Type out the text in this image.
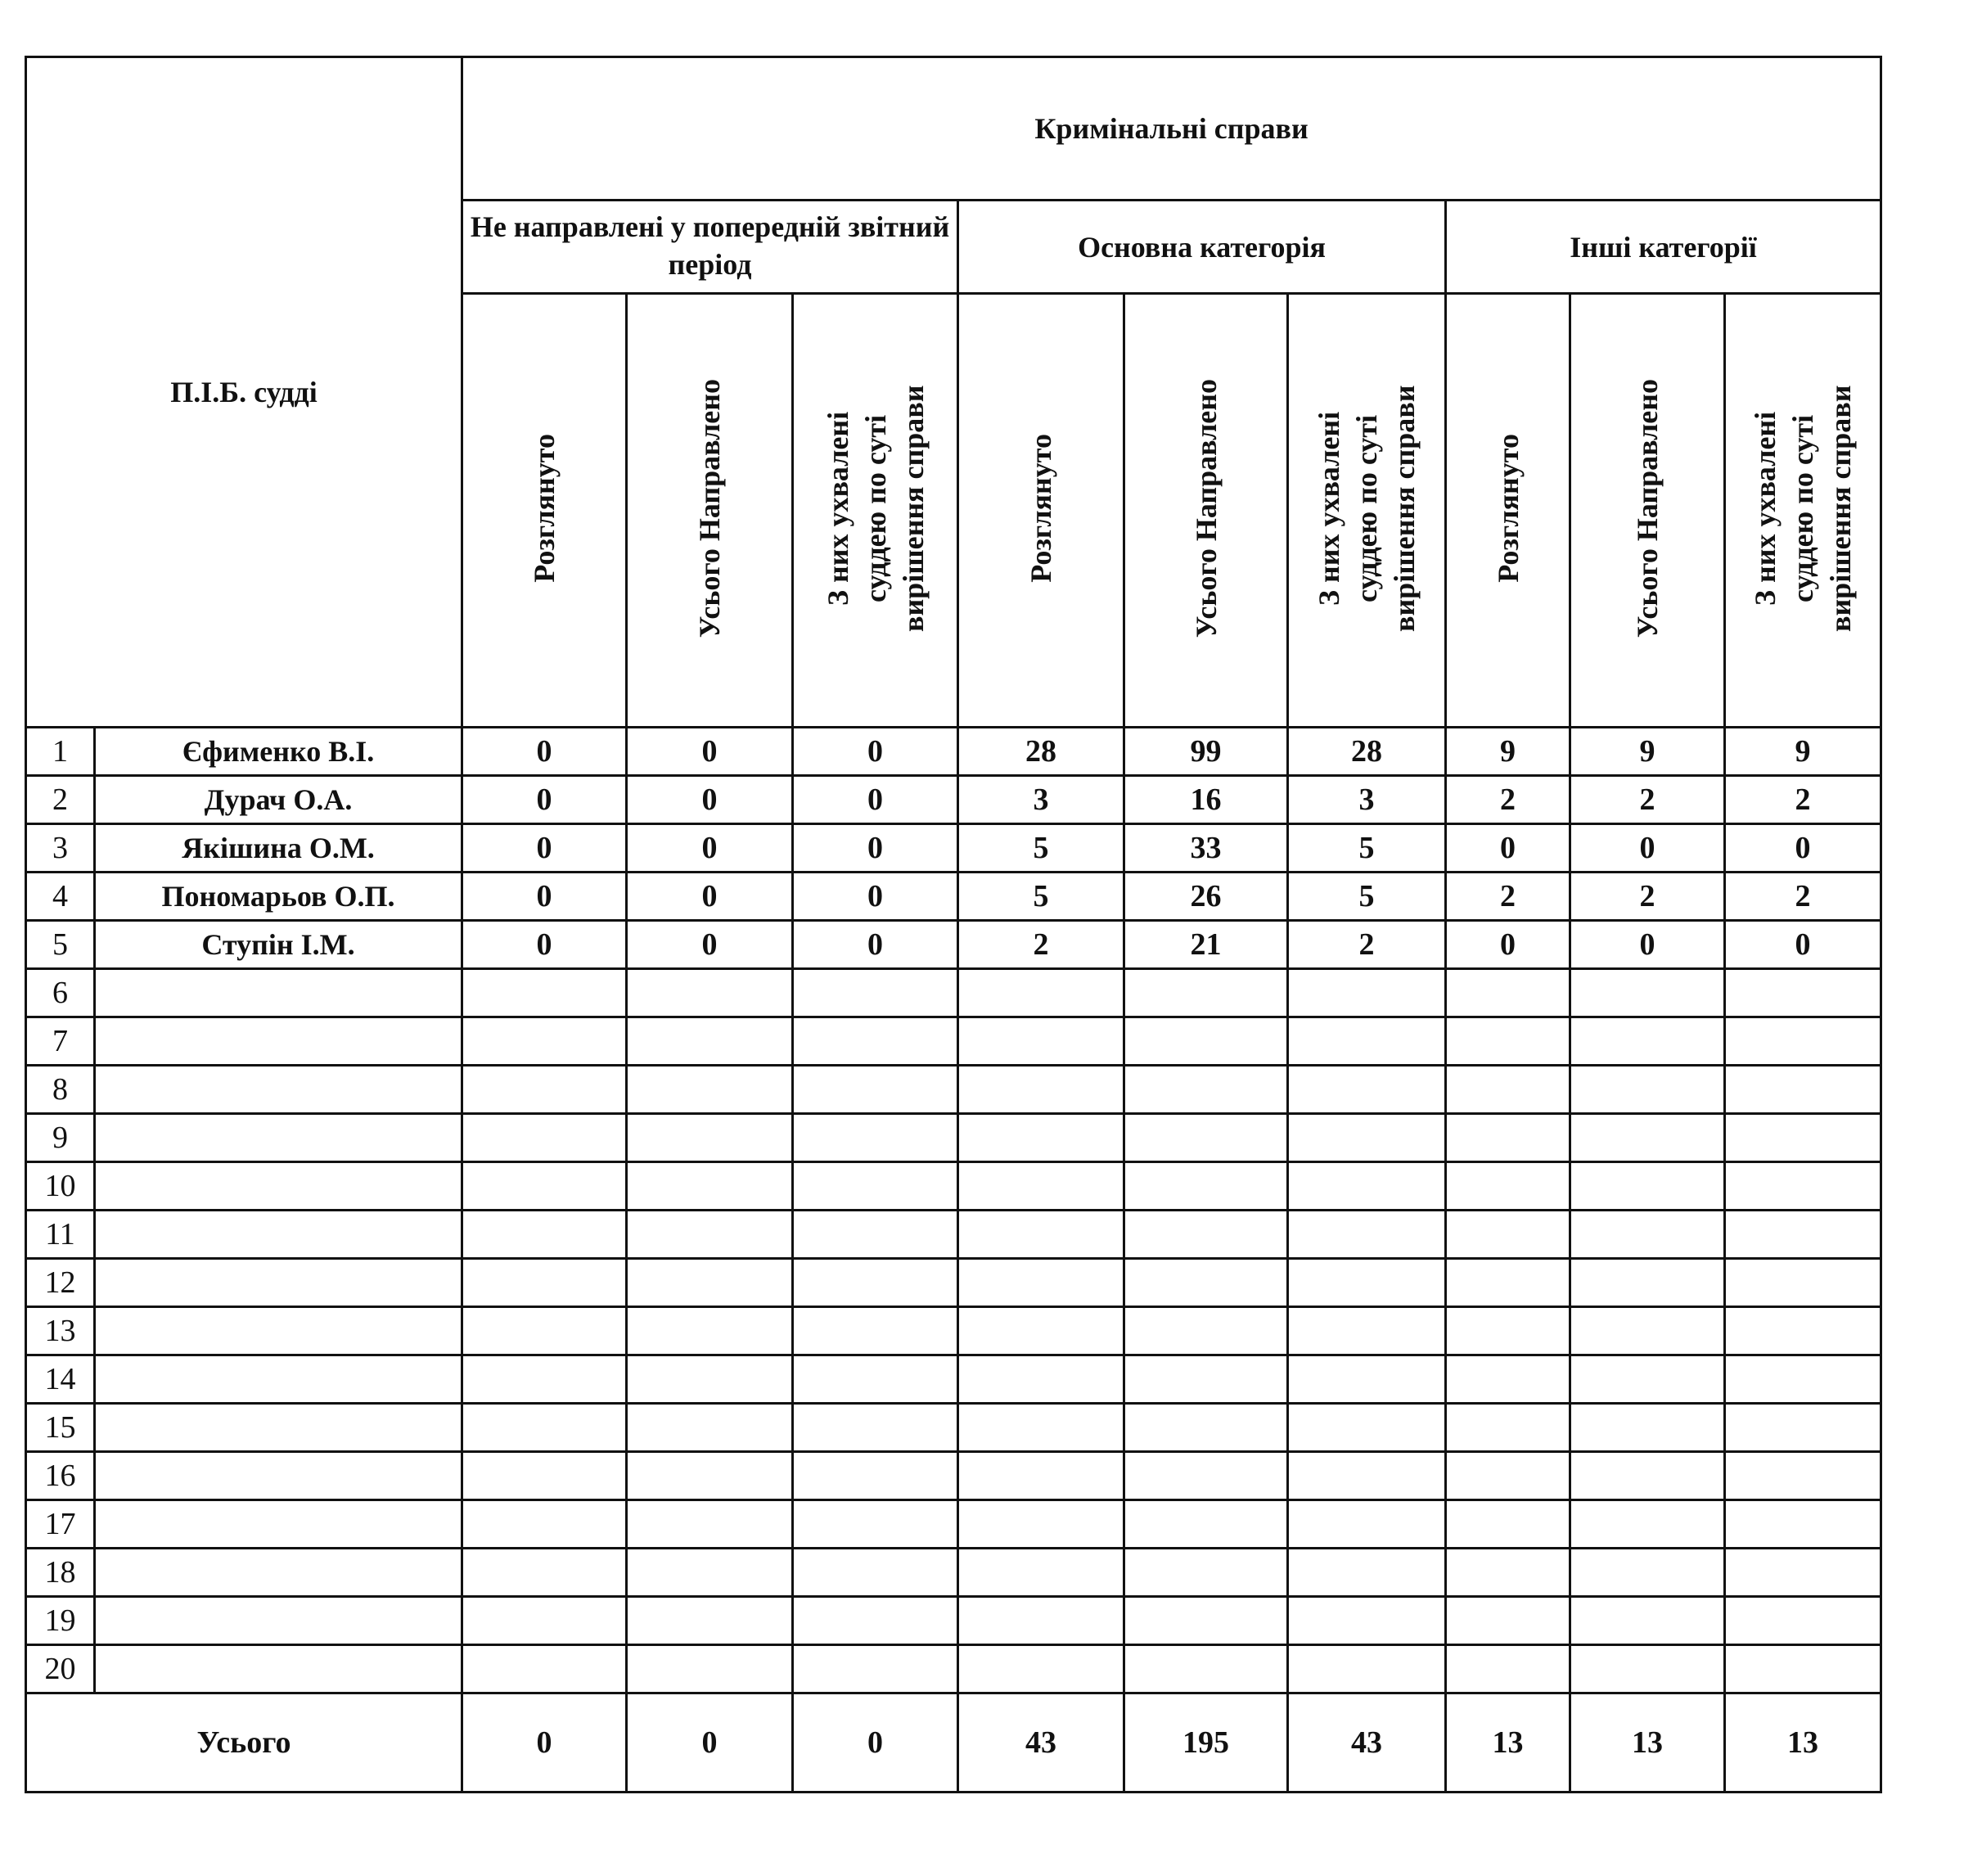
П.І.Б. судді		Кримінальні справи								
		Не направлені у попередній звітний період			Основна категорія			Інші категорії		
		Розглянуто	Усього Направлено	З них ухвалені суддею по суті вирішення справи	Розглянуто	Усього Направлено	З них ухвалені суддею по суті вирішення справи	Розглянуто	Усього Направлено	З них ухвалені суддею по суті вирішення справи
1	Єфименко В.І.	0	0	0	28	99	28	9	9	9
2	Дурач О.А.	0	0	0	3	16	3	2	2	2
3	Якішина О.М.	0	0	0	5	33	5	0	0	0
4	Пономарьов О.П.	0	0	0	5	26	5	2	2	2
5	Ступін І.М.	0	0	0	2	21	2	0	0	0
6										
7										
8										
9										
10										
11										
12										
13										
14										
15										
16										
17										
18										
19										
20										
Усього		0	0	0	43	195	43	13	13	13
